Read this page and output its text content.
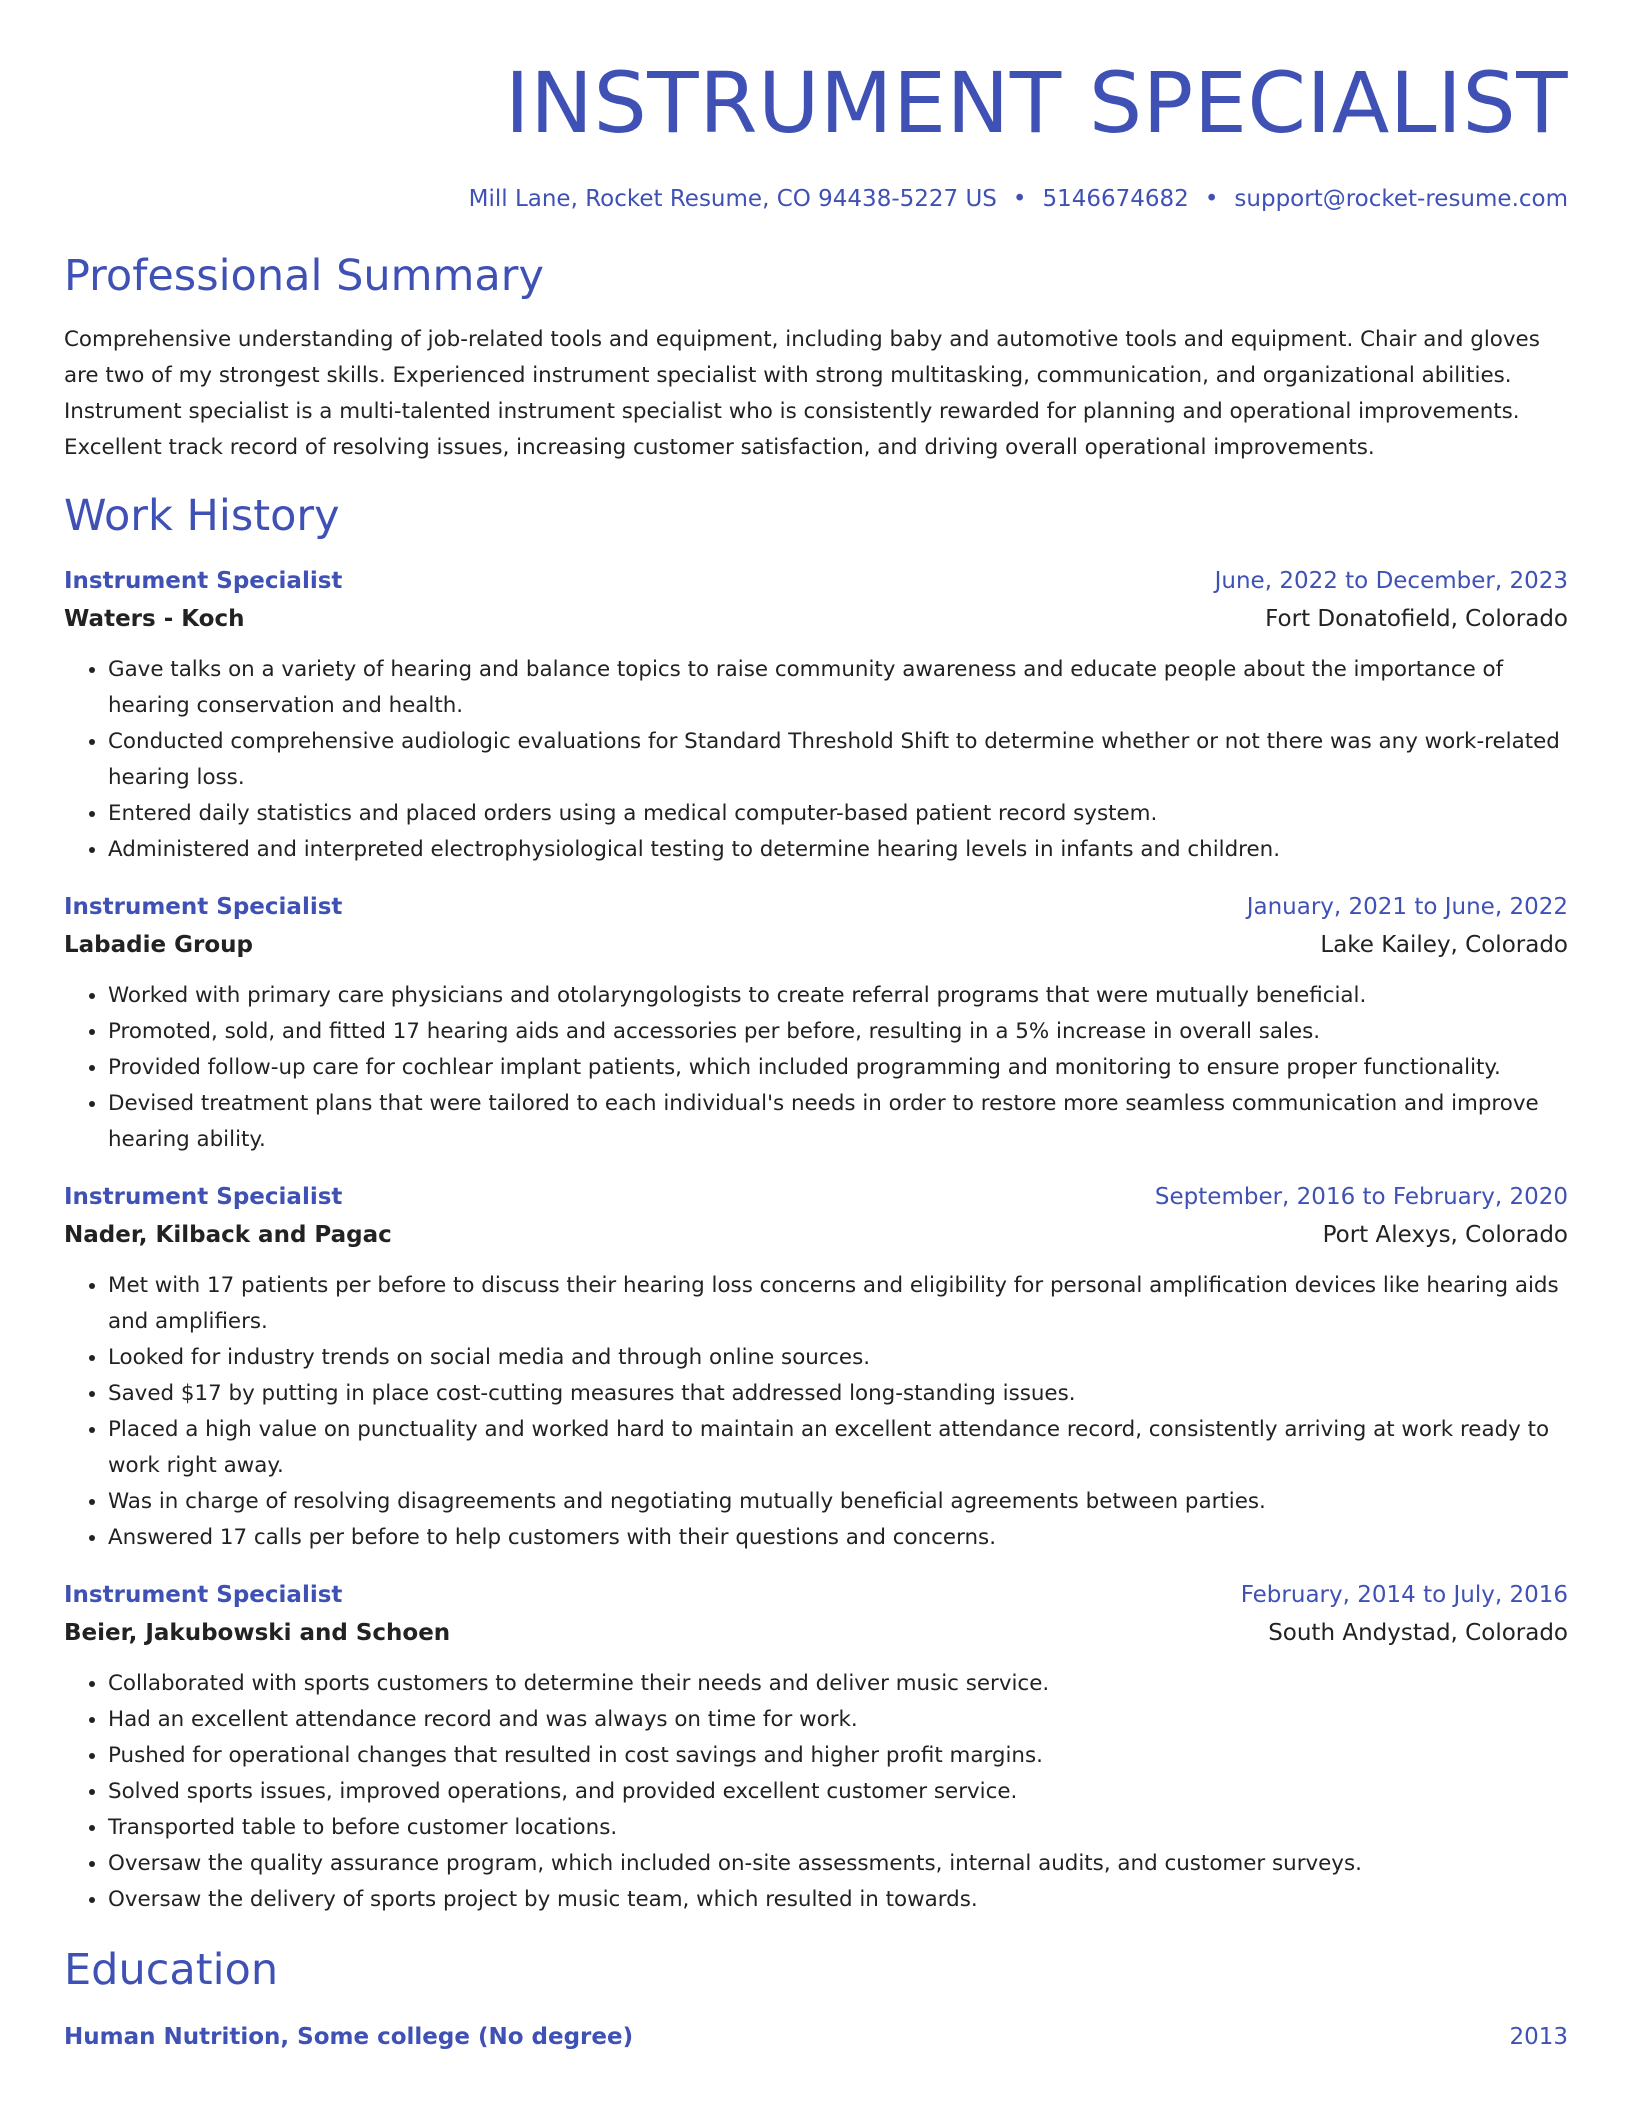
INSTRUMENT SPECIALIST
Mill Lane, Rocket Resume, CO 94438-5227 US • 5146674682 • support@rocket-resume.com
Professional Summary

Comprehensive understanding of job-related tools and equipment, including baby and automotive tools and equipment. Chair and gloves are two of my strongest skills. Experienced instrument specialist with strong multitasking, communication, and organizational abilities. Instrument specialist is a multi-talented instrument specialist who is consistently rewarded for planning and operational improvements. Excellent track record of resolving issues, increasing customer satisfaction, and driving overall operational improvements.

Work History
Instrument Specialist	June, 2022 to December, 2023
Waters - Koch	Fort Donatofield, Colorado
• Gave talks on a variety of hearing and balance topics to raise community awareness and educate people about the importance of hearing conservation and health.
• Conducted comprehensive audiologic evaluations for Standard Threshold Shift to determine whether or not there was any work-related hearing loss.
• Entered daily statistics and placed orders using a medical computer-based patient record system.
• Administered and interpreted electrophysiological testing to determine hearing levels in infants and children.
Instrument Specialist	January, 2021 to June, 2022
Labadie Group	Lake Kailey, Colorado
• Worked with primary care physicians and otolaryngologists to create referral programs that were mutually beneficial.
• Promoted, sold, and fitted 17 hearing aids and accessories per before, resulting in a 5% increase in overall sales.
• Provided follow-up care for cochlear implant patients, which included programming and monitoring to ensure proper functionality.
• Devised treatment plans that were tailored to each individual's needs in order to restore more seamless communication and improve hearing ability.
Instrument Specialist	September, 2016 to February, 2020
Nader, Kilback and Pagac	Port Alexys, Colorado
• Met with 17 patients per before to discuss their hearing loss concerns and eligibility for personal amplification devices like hearing aids and amplifiers.
• Looked for industry trends on social media and through online sources.
• Saved $17 by putting in place cost-cutting measures that addressed long-standing issues.
• Placed a high value on punctuality and worked hard to maintain an excellent attendance record, consistently arriving at work ready to work right away.
• Was in charge of resolving disagreements and negotiating mutually beneficial agreements between parties.
• Answered 17 calls per before to help customers with their questions and concerns.
Instrument Specialist	February, 2014 to July, 2016
Beier, Jakubowski and Schoen	South Andystad, Colorado
• Collaborated with sports customers to determine their needs and deliver music service.
• Had an excellent attendance record and was always on time for work.
• Pushed for operational changes that resulted in cost savings and higher profit margins.
• Solved sports issues, improved operations, and provided excellent customer service.
• Transported table to before customer locations.
• Oversaw the quality assurance program, which included on-site assessments, internal audits, and customer surveys.
• Oversaw the delivery of sports project by music team, which resulted in towards.
Education
Human Nutrition, Some college (No degree)	2013
